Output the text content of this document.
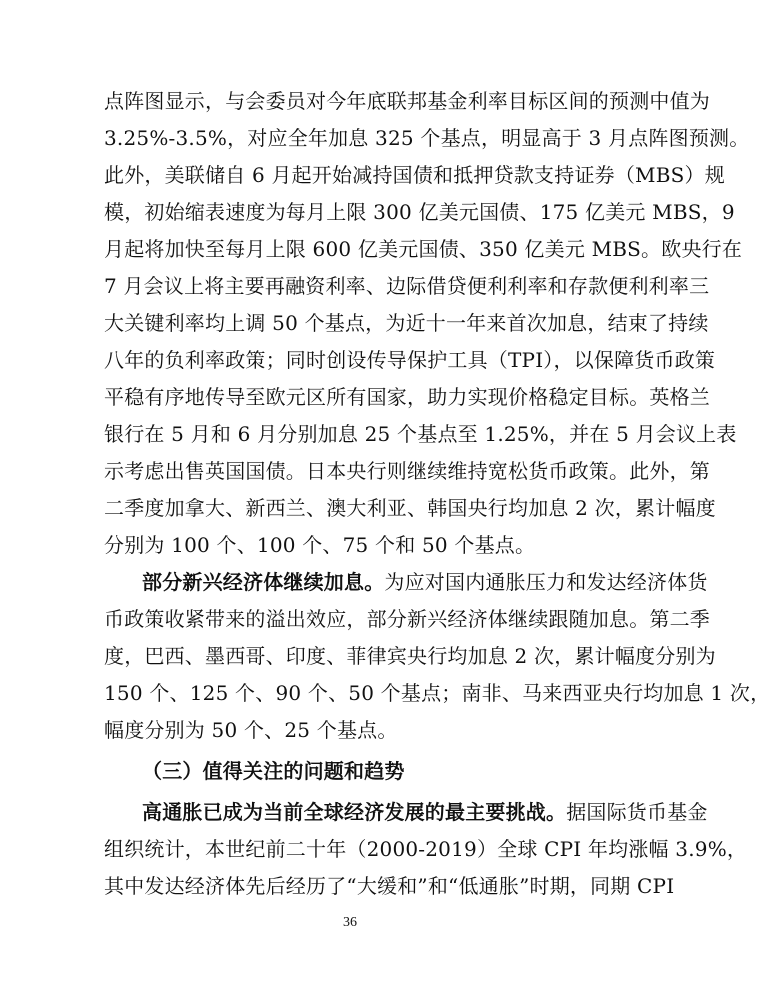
点阵图显示，与会委员对今年底联邦基金利率目标区间的预测中值为
3.25%-3.5%，对应全年加息 325 个基点，明显高于 3 月点阵图预测。
此外，美联储自 6 月起开始减持国债和抵押贷款支持证券（MBS）规
模，初始缩表速度为每月上限 300 亿美元国债、175 亿美元 MBS，9
月起将加快至每月上限 600 亿美元国债、350 亿美元 MBS。欧央行在
7 月会议上将主要再融资利率、边际借贷便利利率和存款便利利率三
大关键利率均上调 50 个基点，为近十一年来首次加息，结束了持续
八年的负利率政策；同时创设传导保护工具（TPI），以保障货币政策
平稳有序地传导至欧元区所有国家，助力实现价格稳定目标。英格兰
银行在 5 月和 6 月分别加息 25 个基点至 1.25%，并在 5 月会议上表
示考虑出售英国国债。日本央行则继续维持宽松货币政策。此外，第
二季度加拿大、新西兰、澳大利亚、韩国央行均加息 2 次，累计幅度
分别为 100 个、100 个、75 个和 50 个基点。
部分新兴经济体继续加息。为应对国内通胀压力和发达经济体货
币政策收紧带来的溢出效应，部分新兴经济体继续跟随加息。第二季
度，巴西、墨西哥、印度、菲律宾央行均加息 2 次，累计幅度分别为
150 个、125 个、90 个、50 个基点；南非、马来西亚央行均加息 1 次，
幅度分别为 50 个、25 个基点。
（三）值得关注的问题和趋势
高通胀已成为当前全球经济发展的最主要挑战。据国际货币基金
组织统计，本世纪前二十年（2000-2019）全球 CPI 年均涨幅 3.9%，
其中发达经济体先后经历了“大缓和”和“低通胀”时期，同期 CPI
36
